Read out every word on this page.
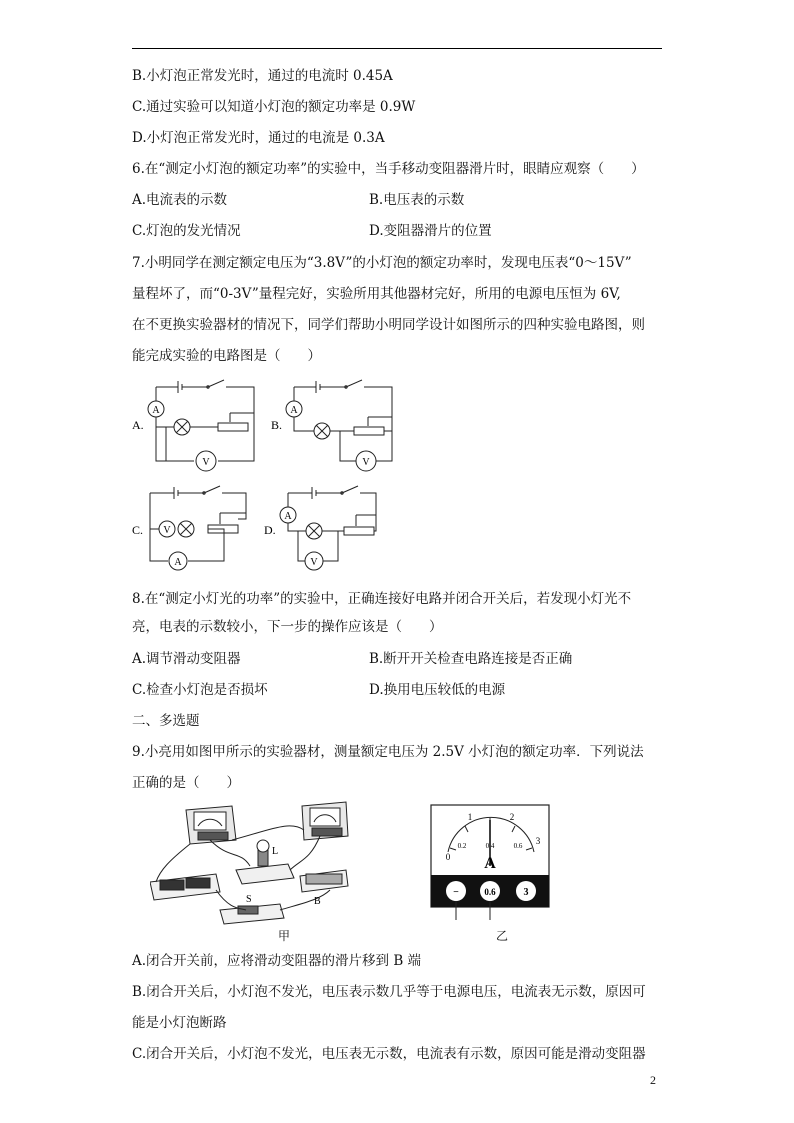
B.小灯泡正常发光时，通过的电流时 0.45A
C.通过实验可以知道小灯泡的额定功率是 0.9W
D.小灯泡正常发光时，通过的电流是 0.3A
6.在“测定小灯泡的额定功率”的实验中，当手移动变阻器滑片时，眼睛应观察（　　）
A.电流表的示数	B.电压表的示数
C.灯泡的发光情况	D.变阻器滑片的位置
7.小明同学在测定额定电压为“3.8V”的小灯泡的额定功率时，发现电压表“0～15V”
量程坏了，而“0-3V”量程完好，实验所用其他器材完好，所用的电源电压恒为 6V,
在不更换实验器材的情况下，同学们帮助小明同学设计如图所示的四种实验电路图，则
能完成实验的电路图是（　　）
A
V
A
V
V
A
A
V
A.	B.
C.	D.
8.在“测定小灯光的功率”的实验中，正确连接好电路并闭合开关后，若发现小灯光不
亮，电表的示数较小，下一步的操作应该是（　　）
A.调节滑动变阻器	B.断开开关检查电路连接是否正确
C.检查小灯泡是否损坏	D.换用电压较低的电源
二、多选题
9.小亮用如图甲所示的实验器材，测量额定电压为 2.5V 小灯泡的额定功率．下列说法
正确的是（　　）
L
S	B
甲
1	2
0
3
0.2	0.4	0.6
A
−	0.6	3
乙
A.闭合开关前，应将滑动变阻器的滑片移到 B 端
B.闭合开关后，小灯泡不发光，电压表示数几乎等于电源电压，电流表无示数，原因可
能是小灯泡断路
C.闭合开关后，小灯泡不发光，电压表无示数，电流表有示数，原因可能是滑动变阻器
2
